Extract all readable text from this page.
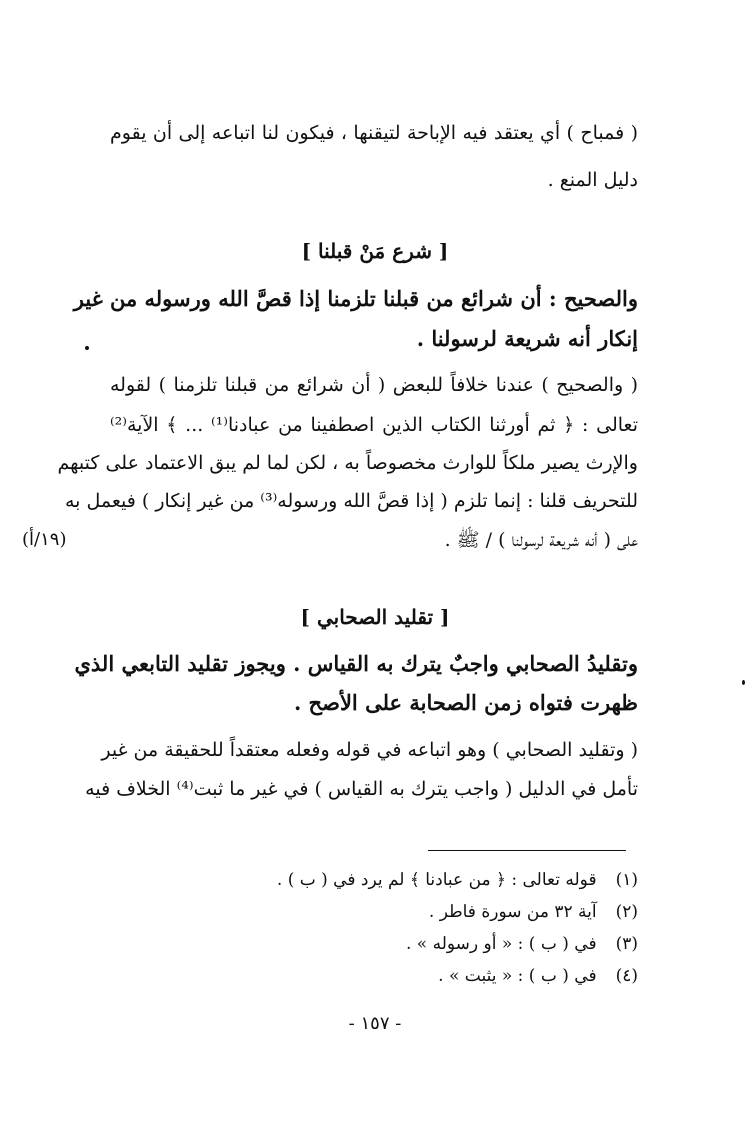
( فمباح ) أي يعتقد فيه الإباحة لتيقنها ، فيكون لنا اتباعه إلى أن يقوم
دليل المنع .
[ شرع مَنْ قبلنا ]
والصحيح : أن شرائع من قبلنا تلزمنا إذا قصَّ الله ورسوله من غير
إنكار أنه شريعة لرسولنا .
( والصحيح ) عندنا خلافاً للبعض ( أن شرائع من قبلنا تلزمنا ) لقوله
تعالى : ﴿ ثم أورثنا الكتاب الذين اصطفينا من عبادنا⁽¹⁾ ... ﴾ الآية⁽²⁾
والإرث يصير ملكاً للوارث مخصوصاً به ، لكن لما لم يبق الاعتماد على كتبهم
للتحريف قلنا : إنما تلزم ( إذا قصَّ الله ورسوله⁽³⁾ من غير إنكار ) فيعمل به
على ( أنه شريعة لرسولنا ) / ﷺ .
(١٩/أ)
[ تقليد الصحابي ]
وتقليدُ الصحابي واجبٌ يترك به القياس . ويجوز تقليد التابعي الذي
ظهرت فتواه زمن الصحابة على الأصح .
( وتقليد الصحابي ) وهو اتباعه في قوله وفعله معتقداً للحقيقة من غير
تأمل في الدليل ( واجب يترك به القياس ) في غير ما ثبت⁽⁴⁾ الخلاف فيه
(١) قوله تعالى : ﴿ من عبادنا ﴾ لم يرد في ( ب ) .
(٢) آية ٣٢ من سورة فاطر .
(٣) في ( ب ) : « أو رسوله » .
(٤) في ( ب ) : « يثبت » .
- ١٥٧ -
